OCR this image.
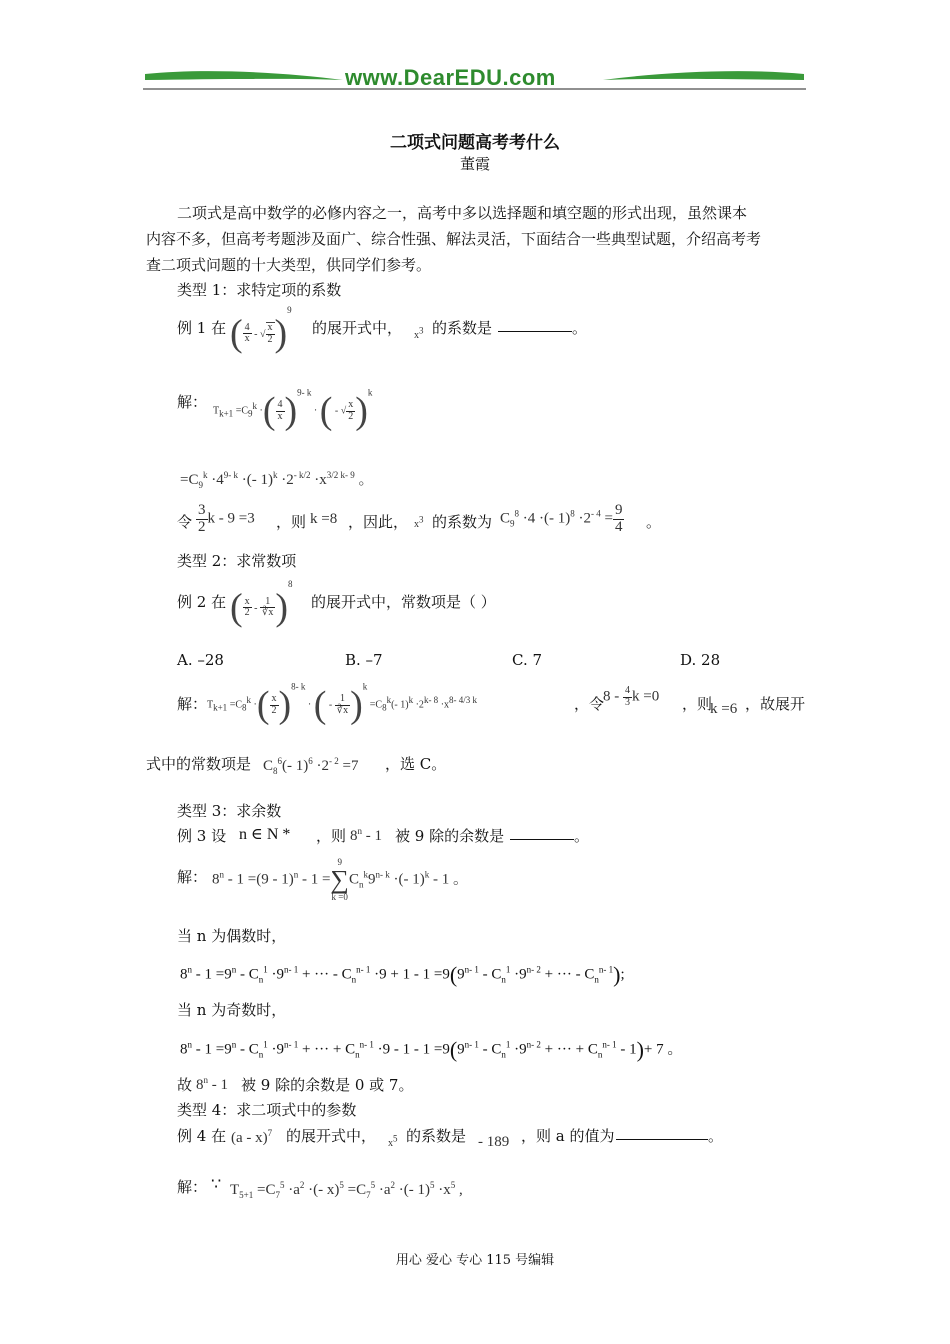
www.DearEDU.com
二项式问题高考考什么
董霞
二项式是高中数学的必修内容之一，高考中多以选择题和填空题的形式出现，虽然课本
内容不多，但高考考题涉及面广、综合性强、解法灵活，下面结合一些典型试题，介绍高考考
查二项式问题的十大类型，供同学们参考。
类型 1：求特定项的系数
例 1 在 ( $\frac{4}{x}$ - √ $\frac{x}{2} )^9$
的展开式中， $x^3$ 的系数是	。
解： $T_{k+1} =C_9^k$ ·( $\frac{4}{x} )^{9- k}$ · ( - √ $\frac{x}{2} )^k$
$=C_9^k \cdot 4^{9- k}$ ·(- $1)^k \cdot 2^{- k/2} \cdot x^{3/2 k- 9}$ 。
令 $\frac{3}{2}$ k - 9 =3 ，则 k =8 ，因此， $x^3$ 的系数为 $C_9^8 \cdot 4$ ·(- $1)^8 \cdot 2^{- 4} = \frac{9}{4}$ 。
类型 2：求常数项
例 2 在 ( $\frac{x}{2} - \frac{1}{∛x} )^8$
的展开式中，常数项是（ ）
A. –28	B. –7	C. 7	D. 28
解： $T_{k+1} =C_8^k$ ·( $\frac{x}{2} )^{8- k}$ · ( - $\frac{1}{∛x} )^k =C_8^k(-$ $1)^k \cdot 2^{k- 8} \cdot x^{8- 4/3 k}$	，令
$8 - \frac{4}{3}$ k =0 ，则
k =6 ，故展开
式中的常数项是 $C_8^6(-$ $1)^6 \cdot 2^{- 2} =7$ ，选 C。
类型 3：求余数
例 3 设 n ∈ N * ，则 8$^n$ - 1 被 9 除的余数是	。
解： 8$^n$ - 1 =(9 - 1)$^n$ - 1 =
9
∑
k =0
$C_n^k9^{n- k}$ ·(- 1)$^k$ - 1 。
当 n 为偶数时，
$8^n - 1 =9^n - C_n^1 \cdot 9^{n- 1}$ + ··· - $C_n^{n- 1} \cdot 9 + 1 - 1 =9(9^{n- 1} - C_n^1 \cdot 9^{n- 2}$ + ··· - $C_n^{n- 1}$);
当 n 为奇数时，
$8^n - 1 =9^n - C_n^1 \cdot 9^{n- 1}$ + ··· + $C_n^{n- 1} \cdot 9 - 1 - 1 =9(9^{n- 1} - C_n^1 \cdot 9^{n- 2}$ + ··· + $C_n^{n- 1} - 1)+ 7$ 。
故 8$^n$ - 1 被 9 除的余数是 0 或 7。
类型 4：求二项式中的参数
例 4 在 (a - x)$^7$ 的展开式中， $x^5$ 的系数是 - 189 ，则 a 的值为	。
解： ∵ $T_{5+1} =C_7^5 \cdot a^2$ ·(- $x)^5 =C_7^5 \cdot a^2$ ·(- $1)^5 \cdot x^5$ ,
用心 爱心 专心 115 号编辑
